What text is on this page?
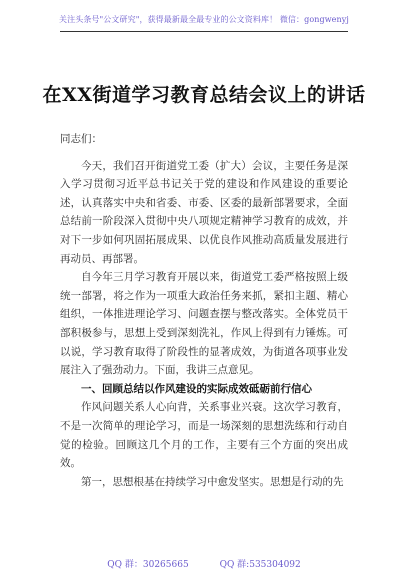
关注头条号"公文研究"，获得最新最全最专业的公文资料库！ 微信：gongwenyj
在XX街道学习教育总结会议上的讲话

同志们：

今天，我们召开街道党工委（扩大）会议，主要任务是深入学习贯彻习近平总书记关于党的建设和作风建设的重要论述，认真落实中央和省委、市委、区委的最新部署要求，全面总结前一阶段深入贯彻中央八项规定精神学习教育的成效，并对下一步如何巩固拓展成果、以优良作风推动高质量发展进行再动员、再部署。

自今年三月学习教育开展以来，街道党工委严格按照上级统一部署，将之作为一项重大政治任务来抓，紧扣主题、精心组织，一体推进理论学习、问题查摆与整改落实。全体党员干部积极参与，思想上受到深刻洗礼，作风上得到有力锤炼。可以说，学习教育取得了阶段性的显著成效，为街道各项事业发展注入了强劲动力。下面，我讲三点意见。

一、回顾总结以作风建设的实际成效砥砺前行信心

作风问题关系人心向背，关系事业兴衰。这次学习教育，不是一次简单的理论学习，而是一场深刻的思想洗练和行动自觉的检验。回顾这几个月的工作，主要有三个方面的突出成效。

第一，思想根基在持续学习中愈发坚实。思想是行动的先

QQ 群：30265665	QQ 群:535304092
